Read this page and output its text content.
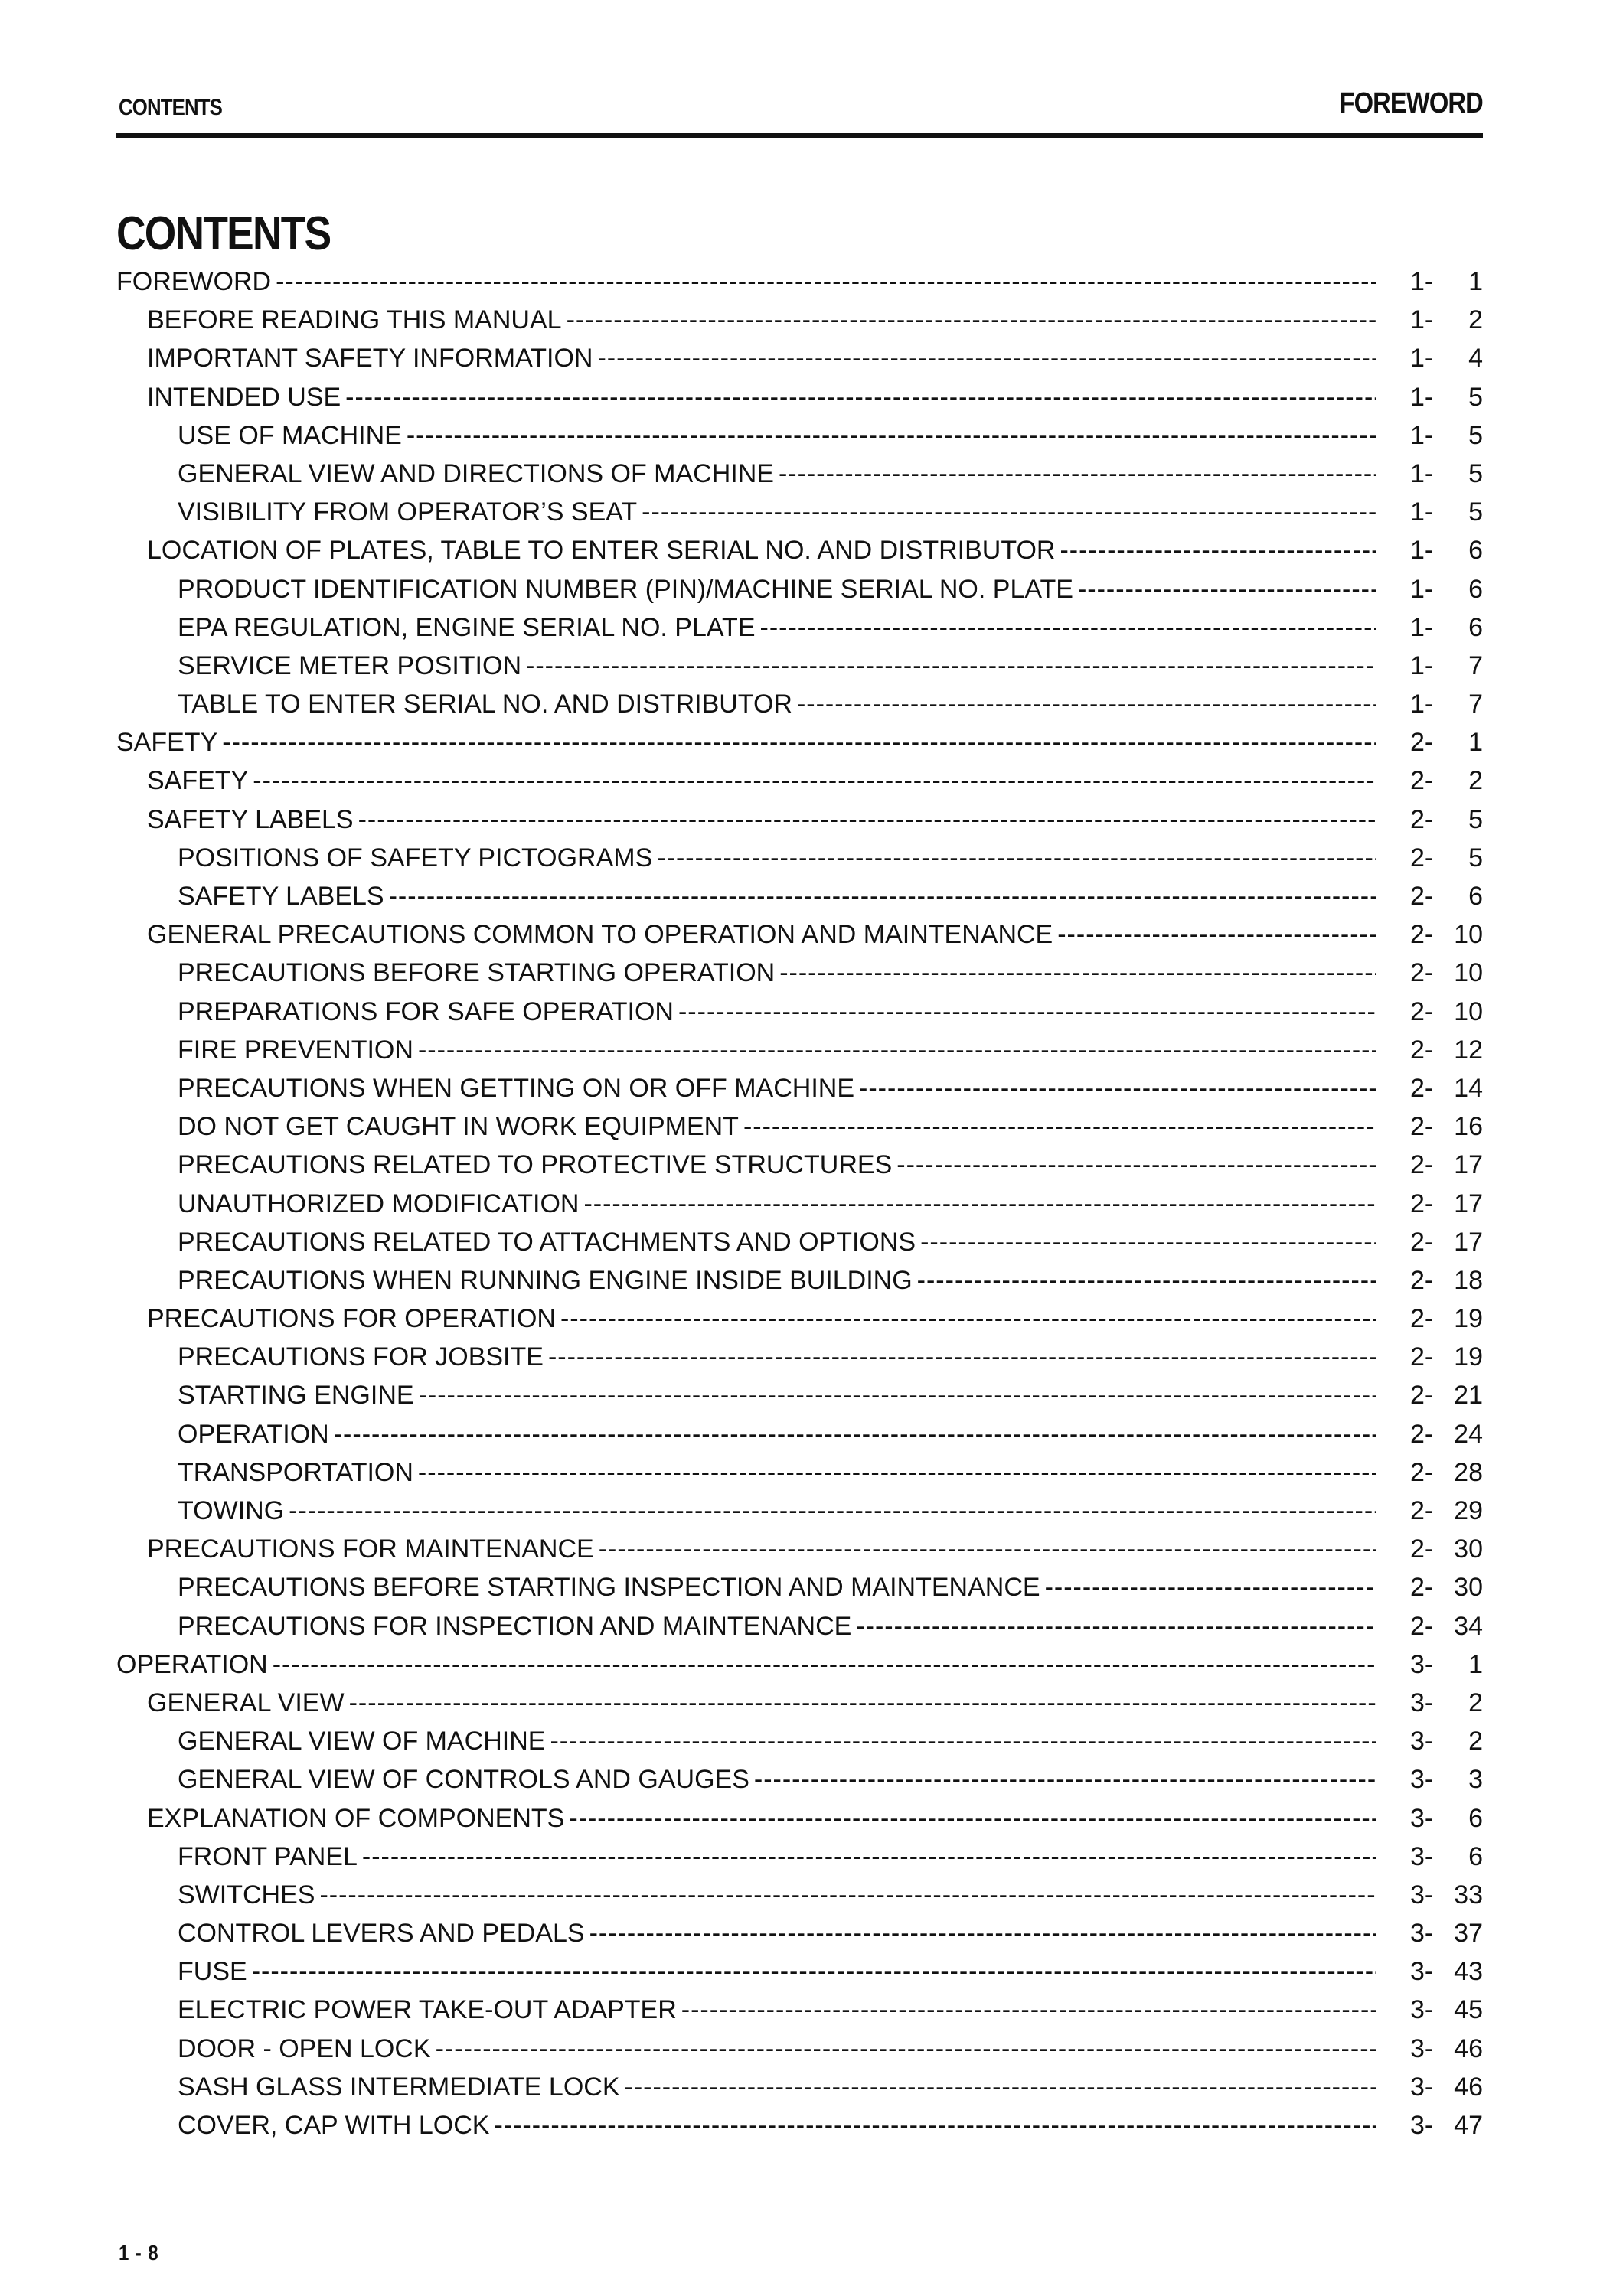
CONTENTS	FOREWORD
CONTENTS
FOREWORD -----	1-	1
BEFORE READING THIS MANUAL -----	1-	2
IMPORTANT SAFETY INFORMATION -----	1-	4
INTENDED USE -----	1-	5
USE OF MACHINE -----	1-	5
GENERAL VIEW AND DIRECTIONS OF MACHINE -----	1-	5
VISIBILITY FROM OPERATOR’S SEAT -----	1-	5
LOCATION OF PLATES, TABLE TO ENTER SERIAL NO. AND DISTRIBUTOR -----	1-	6
PRODUCT IDENTIFICATION NUMBER (PIN)/MACHINE SERIAL NO. PLATE -----	1-	6
EPA REGULATION, ENGINE SERIAL NO. PLATE -----	1-	6
SERVICE METER POSITION -----	1-	7
TABLE TO ENTER SERIAL NO. AND DISTRIBUTOR -----	1-	7
SAFETY -----	2-	1
SAFETY -----	2-	2
SAFETY LABELS -----	2-	5
POSITIONS OF SAFETY PICTOGRAMS -----	2-	5
SAFETY LABELS -----	2-	6
GENERAL PRECAUTIONS COMMON TO OPERATION AND MAINTENANCE -----	2- 10
PRECAUTIONS BEFORE STARTING OPERATION -----	2- 10
PREPARATIONS FOR SAFE OPERATION -----	2- 10
FIRE PREVENTION -----	2- 12
PRECAUTIONS WHEN GETTING ON OR OFF MACHINE -----	2- 14
DO NOT GET CAUGHT IN WORK EQUIPMENT -----	2- 16
PRECAUTIONS RELATED TO PROTECTIVE STRUCTURES -----	2- 17
UNAUTHORIZED MODIFICATION -----	2- 17
PRECAUTIONS RELATED TO ATTACHMENTS AND OPTIONS -----	2- 17
PRECAUTIONS WHEN RUNNING ENGINE INSIDE BUILDING -----	2- 18
PRECAUTIONS FOR OPERATION -----	2- 19
PRECAUTIONS FOR JOBSITE -----	2- 19
STARTING ENGINE -----	2- 21
OPERATION -----	2- 24
TRANSPORTATION -----	2- 28
TOWING -----	2- 29
PRECAUTIONS FOR MAINTENANCE -----	2- 30
PRECAUTIONS BEFORE STARTING INSPECTION AND MAINTENANCE -----	2- 30
PRECAUTIONS FOR INSPECTION AND MAINTENANCE -----	2- 34
OPERATION -----	3-	1
GENERAL VIEW -----	3-	2
GENERAL VIEW OF MACHINE -----	3-	2
GENERAL VIEW OF CONTROLS AND GAUGES -----	3-	3
EXPLANATION OF COMPONENTS -----	3-	6
FRONT PANEL -----	3-	6
SWITCHES -----	3- 33
CONTROL LEVERS AND PEDALS -----	3- 37
FUSE -----	3- 43
ELECTRIC POWER TAKE-OUT ADAPTER -----	3- 45
DOOR - OPEN LOCK -----	3- 46
SASH GLASS INTERMEDIATE LOCK -----	3- 46
COVER, CAP WITH LOCK -----	3- 47
1 - 8
